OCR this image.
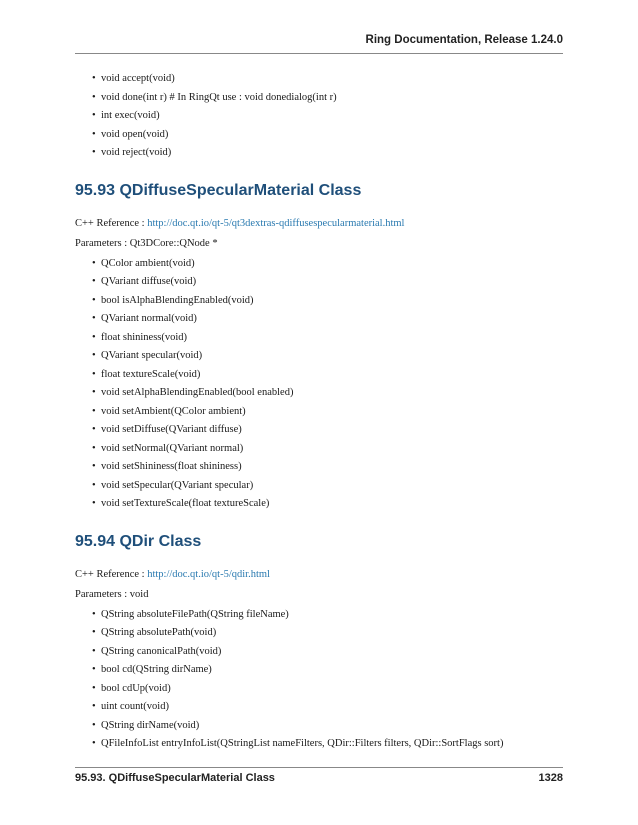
Ring Documentation, Release 1.24.0
• void accept(void)
• void done(int r) # In RingQt use : void donedialog(int r)
• int exec(void)
• void open(void)
• void reject(void)
95.93 QDiffuseSpecularMaterial Class

C++ Reference : http://doc.qt.io/qt-5/qt3dextras-qdiffusespecularmaterial.html

Parameters : Qt3DCore::QNode *

• QColor ambient(void)
• QVariant diffuse(void)
• bool isAlphaBlendingEnabled(void)
• QVariant normal(void)
• float shininess(void)
• QVariant specular(void)
• float textureScale(void)
• void setAlphaBlendingEnabled(bool enabled)
• void setAmbient(QColor ambient)
• void setDiffuse(QVariant diffuse)
• void setNormal(QVariant normal)
• void setShininess(float shininess)
• void setSpecular(QVariant specular)
• void setTextureScale(float textureScale)
95.94 QDir Class

C++ Reference : http://doc.qt.io/qt-5/qdir.html

Parameters : void

• QString absoluteFilePath(QString fileName)
• QString absolutePath(void)
• QString canonicalPath(void)
• bool cd(QString dirName)
• bool cdUp(void)
• uint count(void)
• QString dirName(void)
• QFileInfoList entryInfoList(QStringList nameFilters, QDir::Filters filters, QDir::SortFlags sort)
95.93. QDiffuseSpecularMaterial Class	1328
